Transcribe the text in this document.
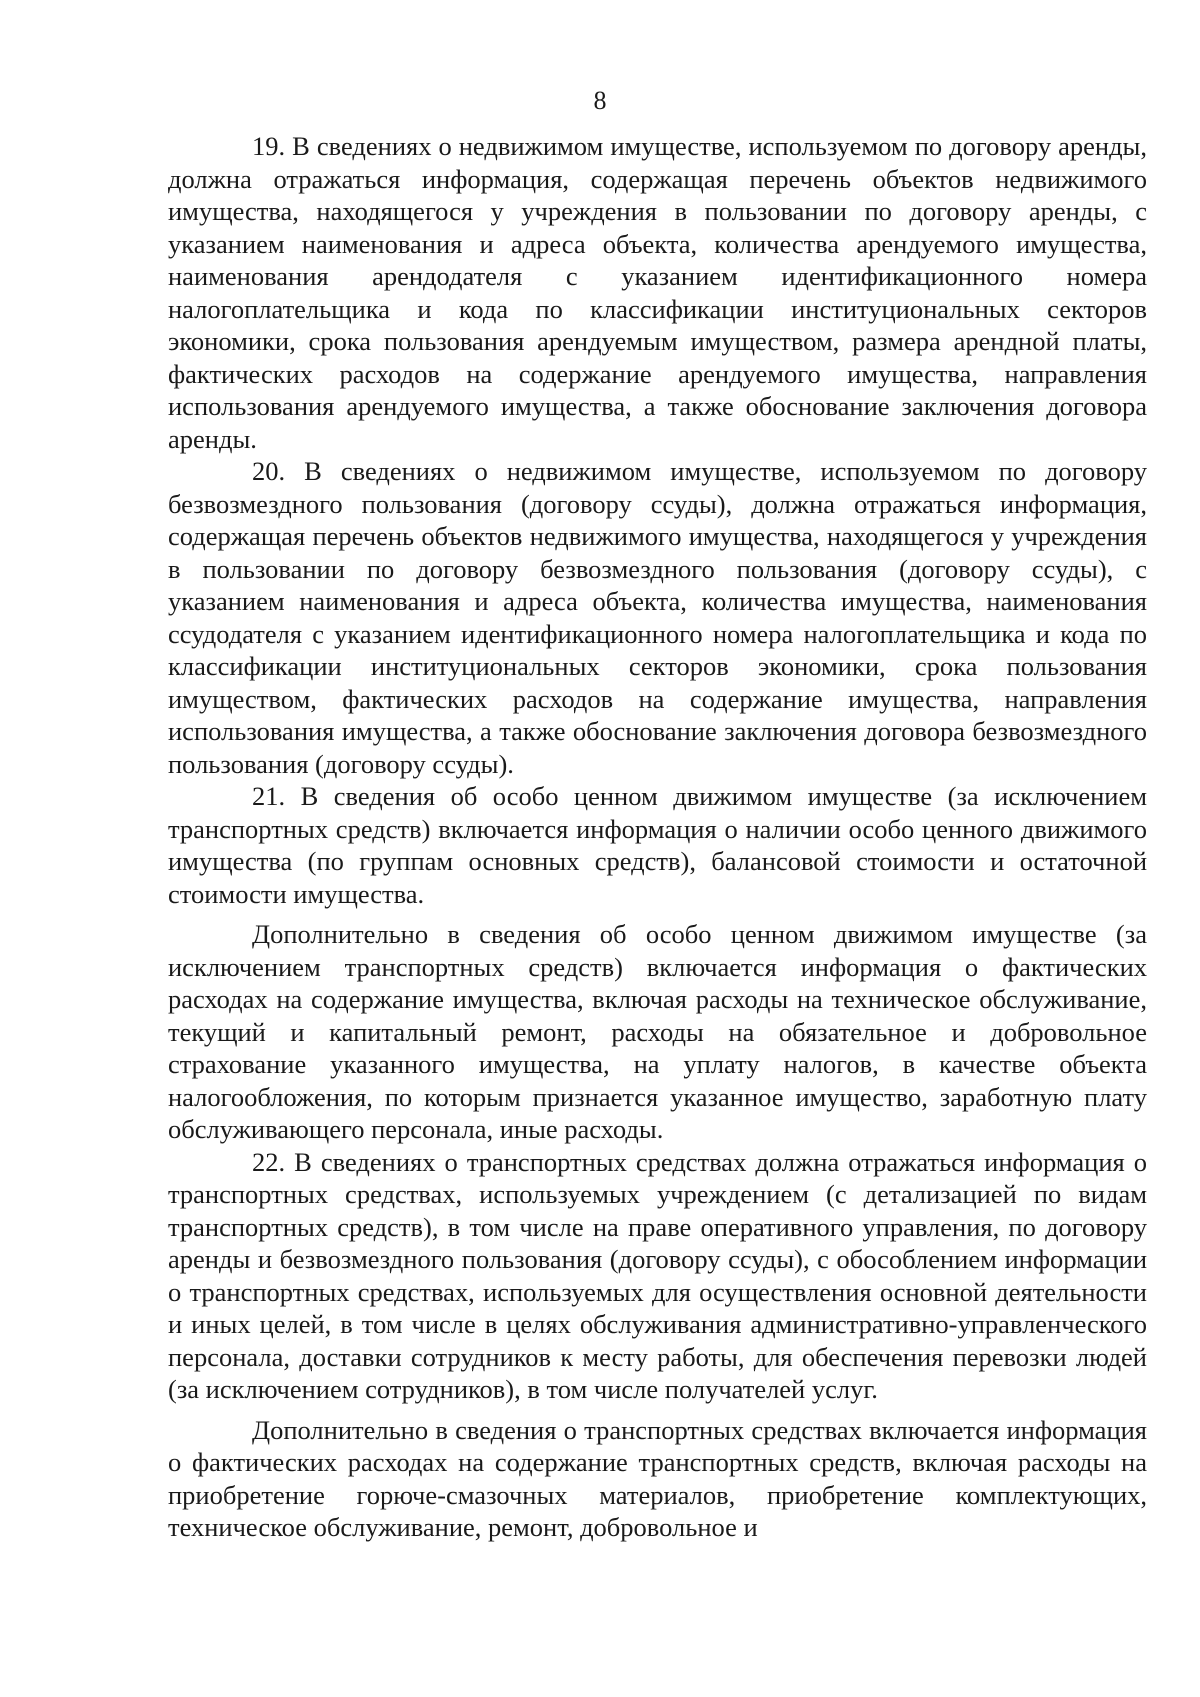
8

19. В сведениях о недвижимом имуществе, используемом по договору аренды, должна отражаться информация, содержащая перечень объектов недвижимого имущества, находящегося у учреждения в пользовании по договору аренды, с указанием наименования и адреса объекта, количества арендуемого имущества, наименования арендодателя с указанием идентификационного номера налогоплательщика и кода по классификации институциональных секторов экономики, срока пользования арендуемым имуществом, размера арендной платы, фактических расходов на содержание арендуемого имущества, направления использования арендуемого имущества, а также обоснование заключения договора аренды.

20. В сведениях о недвижимом имуществе, используемом по договору безвозмездного пользования (договору ссуды), должна отражаться информация, содержащая перечень объектов недвижимого имущества, находящегося у учреждения в пользовании по договору безвозмездного пользования (договору ссуды), с указанием наименования и адреса объекта, количества имущества, наименования ссудодателя с указанием идентификационного номера налогоплательщика и кода по классификации институциональных секторов экономики, срока пользования имуществом, фактических расходов на содержание имущества, направления использования имущества, а также обоснование заключения договора безвозмездного пользования (договору ссуды).

21. В сведения об особо ценном движимом имуществе (за исключением транспортных средств) включается информация о наличии особо ценного движимого имущества (по группам основных средств), балансовой стоимости и остаточной стоимости имущества.

Дополнительно в сведения об особо ценном движимом имуществе (за исключением транспортных средств) включается информация о фактических расходах на содержание имущества, включая расходы на техническое обслуживание, текущий и капитальный ремонт, расходы на обязательное и добровольное страхование указанного имущества, на уплату налогов, в качестве объекта налогообложения, по которым признается указанное имущество, заработную плату обслуживающего персонала, иные расходы.

22. В сведениях о транспортных средствах должна отражаться информация о транспортных средствах, используемых учреждением (с детализацией по видам транспортных средств), в том числе на праве оперативного управления, по договору аренды и безвозмездного пользования (договору ссуды), с обособлением информации о транспортных средствах, используемых для осуществления основной деятельности и иных целей, в том числе в целях обслуживания административно-управленческого персонала, доставки сотрудников к месту работы, для обеспечения перевозки людей (за исключением сотрудников), в том числе получателей услуг.

Дополнительно в сведения о транспортных средствах включается информация о фактических расходах на содержание транспортных средств, включая расходы на приобретение горюче-смазочных материалов, приобретение комплектующих, техническое обслуживание, ремонт, добровольное и
